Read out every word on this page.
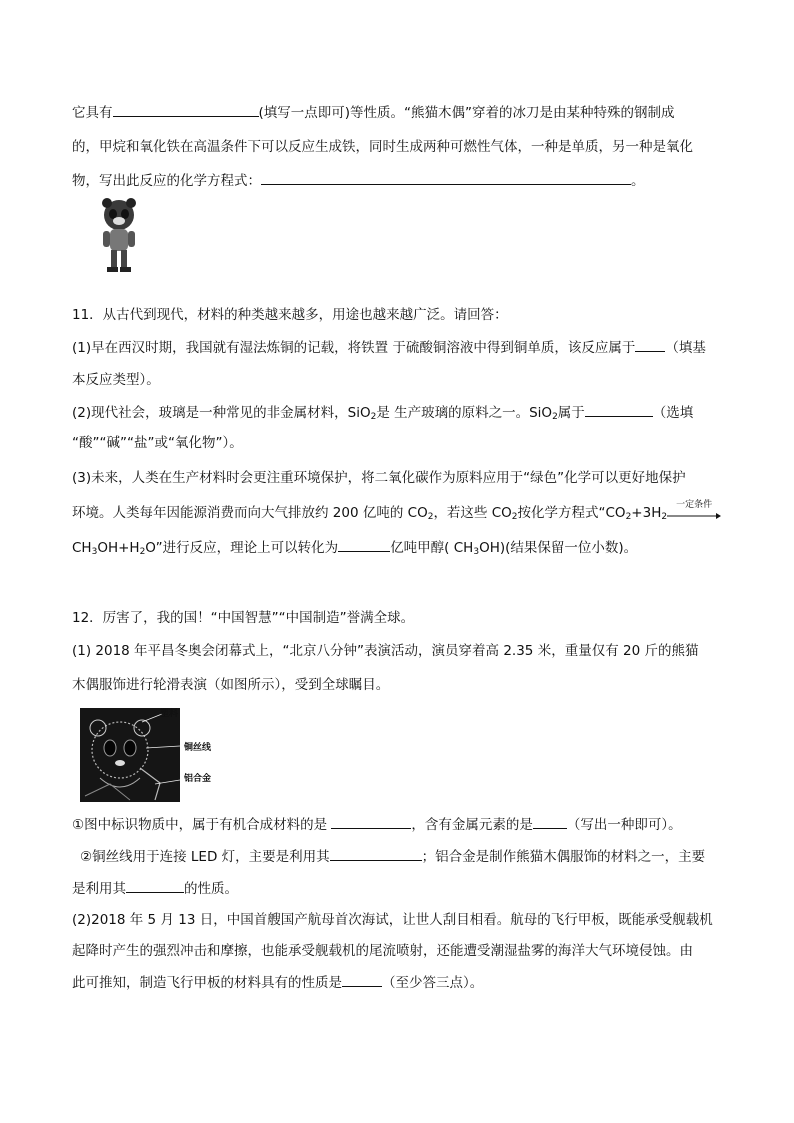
它具有	(填写一点即可)等性质。“熊猫木偶”穿着的冰刀是由某种特殊的钢制成
的，甲烷和氧化铁在高温条件下可以反应生成铁，同时生成两种可燃性气体，一种是单质，另一种是氧化
物，写出此反应的化学方程式：	。
11．从古代到现代，材料的种类越来越多，用途也越来越广泛。请回答：
(1)早在西汉时期，我国就有湿法炼铜的记载，将铁置 于硫酸铜溶液中得到铜单质，该反应属于 （填基
本反应类型）。
(2)现代社会，玻璃是一种常见的非金属材料，SiO$_2$是 生产玻璃的原料之一。SiO$_2$属于	（选填
“酸”“碱”“盐”或“氧化物”）。
(3)未来，人类在生产材料时会更注重环境保护，将二氧化碳作为原料应用于“绿色”化学可以更好地保护
环境。人类每年因能源消费而向大气排放约 200 亿吨的 $CO_2$，若这些 $CO_2$按化学方程式“$CO_2+3H_2$
一定条件
$CH_3OH+H_2O$”进行反应，理论上可以转化为	亿吨甲醇( $CH_3OH$)(结果保留一位小数)。
12．厉害了，我的国！“中国智慧”“中国制造”誉满全球。
(1) 2018 年平昌冬奥会闭幕式上，“北京八分钟”表演活动，演员穿着高 2.35 米，重量仅有 20 斤的熊猫
木偶服饰进行轮滑表演（如图所示），受到全球瞩目。
塑料
铜丝线
铝合金
①图中标识物质中，属于有机合成材料的是	，含有金属元素的是	（写出一种即可）。
②铜丝线用于连接 LED 灯，主要是利用其	；铝合金是制作熊猫木偶服饰的材料之一，主要
是利用其	的性质。
(2)2018 年 5 月 13 日，中国首艘国产航母首次海试，让世人刮目相看。航母的飞行甲板，既能承受舰载机
起降时产生的强烈冲击和摩擦，也能承受舰载机的尾流喷射，还能遭受潮湿盐雾的海洋大气环境侵蚀。由
此可推知，制造飞行甲板的材料具有的性质是	（至少答三点）。
